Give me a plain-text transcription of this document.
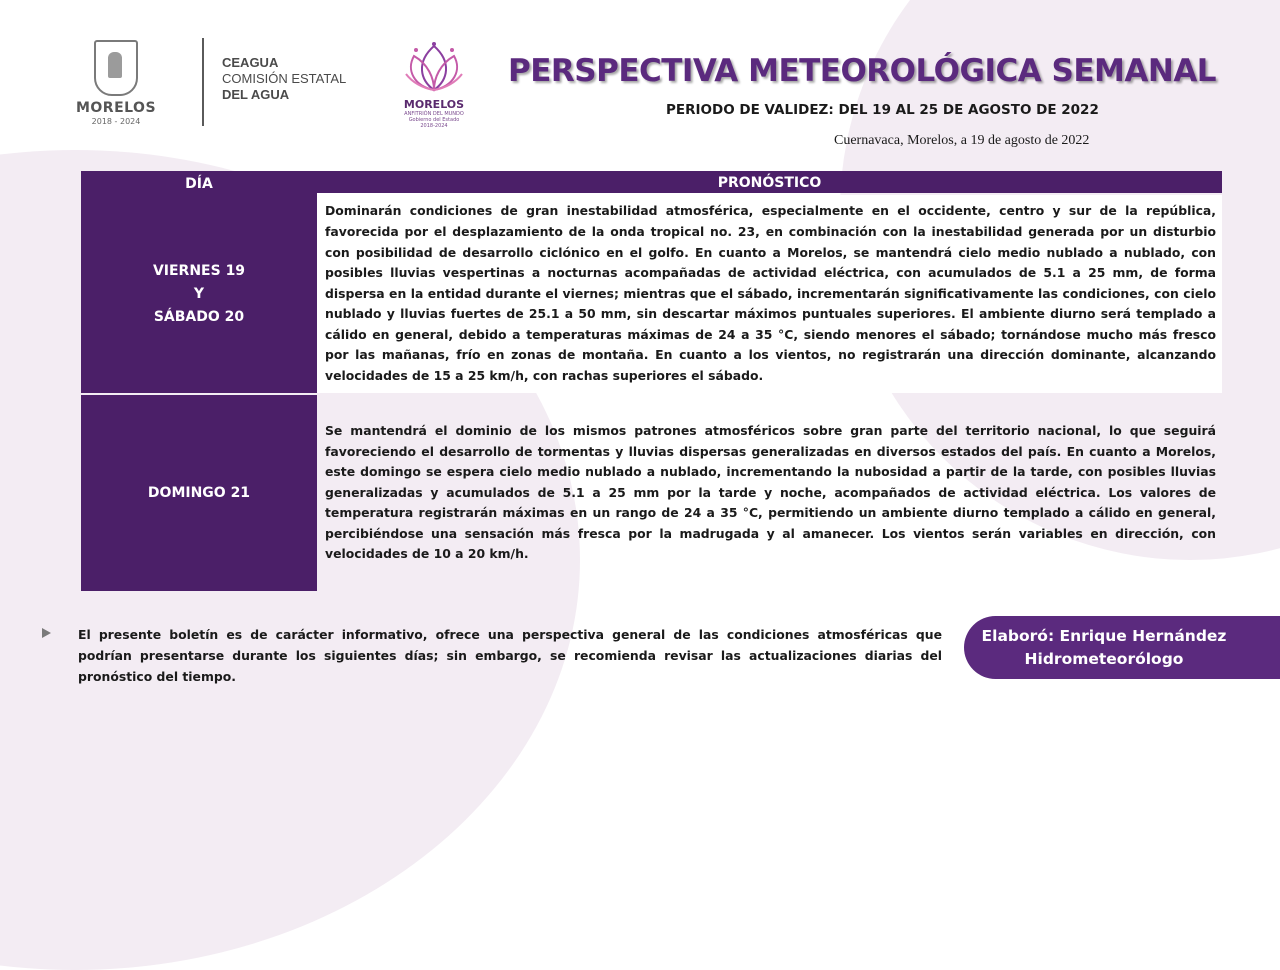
MORELOS
2018 - 2024
CEAGUA
COMISIÓN ESTATAL
DEL AGUA
MORELOS
ANFITRIÓN DEL MUNDO
Gobierno del Estado
2018-2024
PERSPECTIVA METEOROLÓGICA SEMANAL
PERIODO DE VALIDEZ: DEL 19 AL 25 DE AGOSTO DE 2022
Cuernavaca, Morelos, a 19 de agosto de 2022
DÍA	PRONÓSTICO
VIERNES 19
Y
SÁBADO 20

Dominarán condiciones de gran inestabilidad atmosférica, especialmente en el occidente, centro y sur de la república, favorecida por el desplazamiento de la onda tropical no. 23, en combinación con la inestabilidad generada por un disturbio con posibilidad de desarrollo ciclónico en el golfo. En cuanto a Morelos, se mantendrá cielo medio nublado a nublado, con posibles lluvias vespertinas a nocturnas acompañadas de actividad eléctrica, con acumulados de 5.1 a 25 mm, de forma dispersa en la entidad durante el viernes; mientras que el sábado, incrementarán significativamente las condiciones, con cielo nublado y lluvias fuertes de 25.1 a 50 mm, sin descartar máximos puntuales superiores. El ambiente diurno será templado a cálido en general, debido a temperaturas máximas de 24 a 35 °C, siendo menores el sábado; tornándose mucho más fresco por las mañanas, frío en zonas de montaña. En cuanto a los vientos, no registrarán una dirección dominante, alcanzando velocidades de 15 a 25 km/h, con rachas superiores el sábado.

DOMINGO 21

Se mantendrá el dominio de los mismos patrones atmosféricos sobre gran parte del territorio nacional, lo que seguirá favoreciendo el desarrollo de tormentas y lluvias dispersas generalizadas en diversos estados del país. En cuanto a Morelos, este domingo se espera cielo medio nublado a nublado, incrementando la nubosidad a partir de la tarde, con posibles lluvias generalizadas y acumulados de 5.1 a 25 mm por la tarde y noche, acompañados de actividad eléctrica. Los valores de temperatura registrarán máximas en un rango de 24 a 35 °C, permitiendo un ambiente diurno templado a cálido en general, percibiéndose una sensación más fresca por la madrugada y al amanecer. Los vientos serán variables en dirección, con velocidades de 10 a 20 km/h.

El presente boletín es de carácter informativo, ofrece una perspectiva general de las condiciones atmosféricas que podrían presentarse durante los siguientes días; sin embargo, se recomienda revisar las actualizaciones diarias del pronóstico del tiempo.

Elaboró: Enrique Hernández
Hidrometeorólogo
